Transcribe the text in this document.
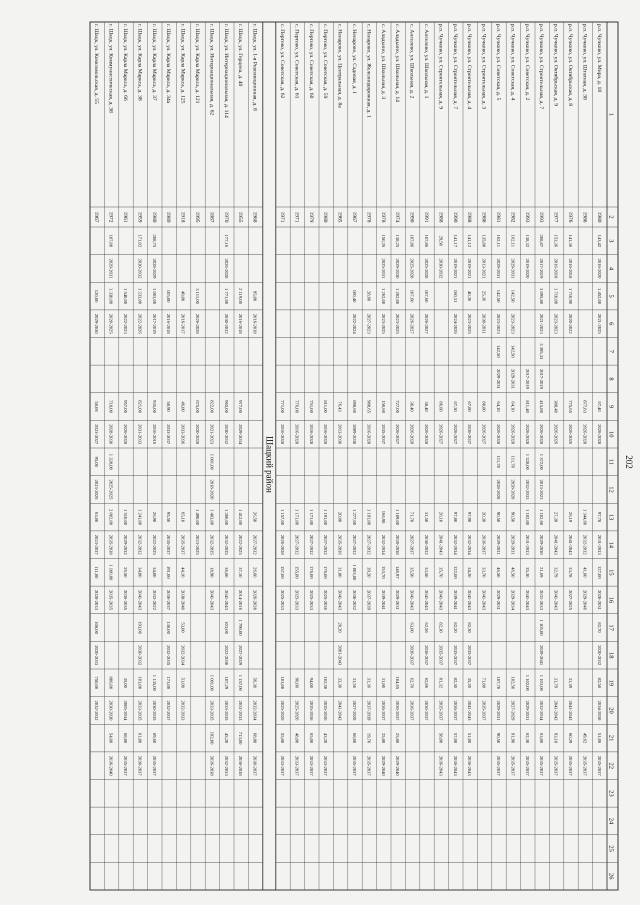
202
1
2
3
4
5
6
7
8
9
10
11
12
13
14
15
16
17
18
19
20
21
22
23
24
25
26
р.п. Чучково, ул. Мира, д. 18
1980
143,42
2016-2020
1 452,00
2021-2025
67,40
2026-2028
97,78
2031-2033
127,00
2020-2031
82,70
2020-2032
82,58
2034-2038
51,06
2035-2037
р.п. Чучково, ул. Штатная, д. 38
1986
877,83
2026-2028
1 344,60
2032-2032
41,60
2029-2046
49,62
2035-2037
р.п. Чучково, ул. Октябрьская, д. 8
1976
141,36
2016-2018
1 710,90
2020-2022
775,65
2026-2026
26,19
2041-2043
33,78
2027-2025
31,39
2041-2043
60,29
2035-2037
р.п. Чучково, ул. Октябрьская, д. 9
1977
153,36
2016-2018
1 710,00
2023-2023
388,40
2026-2026
27,38
2041-2043
32,79
2041-2043
31,79
2041-2043
93,18
2035-2037
р.п. Чучково, ул. Строительная, д. 7
1993
208,87
2017-2019
3 095,80
2021-2023
3 395,33
2017-2019
415,80
2026-2028
1 372,00
2013-2023
1 102,60
2029-2030
21,69
2031-2033
1 105,00
2039-2041
1 103,00
2032-2034
63,00
2035-2037
р.п. Чучково, ул. Советская, д. 2
1993
138,32
2019-2020
2017-2019
811,40
2026-2028
1 328,00
2032-2033
1 102,00
2031-2033
35,30
2041-2043
1 102,00
2029-2031
62,30
2035-2037
р.п. Чучково, ул. Советская, д. 4
1982
162,11
2029-2031
142,50
2023-2023
142,50
2029-2031
64,10
2026-2028
111,70
2028-2028
90,50
2029-2031
46,50
2029-2034
102,50
2027-2029
91,90
2035-2037
р.п. Чучково, ул. Советская, д. 5
1981
162,11
2029-2031
142,50
2023-2023
142,50
2029-2031
64,10
2026-2028
111,70
2028-2028
90,50
2029-2031
46,50
2029-2031
107,70
2029-2031
90,50
2035-2037
р.п. Чучково, ул. Строительная, д. 3
1986
135,00
2013-2021
25,36
2030-2031
88,80
2026-2027
20,30
2036-2037
33,70
2041-2043
71,88
2035-2037
р.п. Чучково, ул. Строительная, д. 4
1988
141,12
2019-2021
40,36
2023-2025
67,80
2036-2037
97,90
2032-2034
34,20
2041-2043
82,30
2035-2037
35,20
2041-2043
51,00
2036-2043
р.п. Чучково, ул. Строительная, д. 7
1990
141,17
2019-2021
160,31
2024-2026
67,30
2026-2027
97,80
2032-2034
122,00
2039-2041
82,20
2035-2037
82,30
2036-2037
57,00
2036-2043
р.п. Чучково, ул. Строительная, д. 9
1988
29,50
2030-2032
86,60
2026-2027
26,10
2041-2043
35,70
2041-2043
82,30
2035-2037
81,32
2035-2037
58,00
2036-2043
с. Ангелово, ул. Школьная, д. 1
1991
107,86
2025-2028
107,60
2026-2027
38,40
2026-2028
31,50
2030-2032
33,50
2041-2043
62,56
2036-2037
62,86
2036-2037
с. Ангелово, ул. Школьная, д. 2
1990
107,86
2025-2028
107,60
2026-2027
30,40
2026-2028
71,70
2027-2037
35,50
2041-2043
63,00
2036-2037
62,70
2036-2037
с. Аладьино, ул. Школьная, д. 14
1974
138,25
2029-2030
1 282,00
2023-2025
727,00
2026-2027
1 189,00
2028-2038
146,97
2029-2031
104,65
2036-2037
25,80
2029-2040
с. Аладьино, ул. Школьная, д. 3
1978
150,26
2025-2031
1 262,00
2023-2025
150,60
2035-2037
166,98
2032-2034
153,70
2039-2041
31,80
2036-2037
25,80
2029-2040
с. Ненарово, ул. Железнодорожная, д. 1
1978
28,60
2027-2023
988,65
2016-2028
1 191,00
2027-2032
39,20
2037-2039
31,36
2037-2039
19,70
2035-2037
с. Ненарово, ул. Садовая, д. 1
1967
100,40
2022-2024
698,60
2009-2030
1 277,00
2027-2032
1 003,00
2030-2032
31,56
2027-2028
68,00
2035-2037
с. Ненарово, ул. Центральная, д. 8а
1965
76,43
2013-2030
20,00
2035-2036
31,80
2041-2043
20,20
2001-2043
33,30
2041-2043
с. Пертово, ул. Советская, д. 59
1980
811,00
2016-2028
1 191,00
2027-2032
176,00
2025-2036
102,50
2035-2036
43,20
2033-2037
с. Пертово, ул. Советская, д. 60
1979
751,00
2016-2028
1 171,00
2027-2032
176,00
2025-2033
94,00
2035-2036
65,00
2033-2037
с. Пертово, ул. Советская, д. 61
1971
776,00
2016-2028
1 171,00
2027-2032
155,00
2025-2033
96,00
2025-2026
48,00
2033-2037
с. Пертово, ул. Советская, д. 62
1971
771,00
2016-2028
1 157,00
2026-2028
157,00
2025-2033
103,00
2025-2026
55,00
2033-2037
г. Шацк, ул. 1-я Революционная, д. 8
1968
95,00
2016-2018
26,50
2027-2032
26,60
2026-2028
56,30
2032-2034
68,80
2030-2037
г. Шацк, ул. Герцена, д. 40
1955
2 119,00
2016-2018
977,00
2029-2034
1 412,00
2022-2025
37,10
2014-2016
1 790,00
2027-2029
1 157,00
2031-2033
713,00
2036-2038
г. Шацк, ул. Интернациональная, д. 114
1970
177,16
2026-2028
1 771,00
2030-2032
965,00
2030-2032
1 200,00
2032-2035
36,60
2041-2043
103,00
2022-2030
107,29
2033-2035
45,20
2032-2033
г. Шацк, ул. Интернациональная, д. 62
1887
822,00
2021-2023
1 001,00
2018-2020
1 483,00
2032-2035
18,90
2041-2043
1 001,00
2033-2035
192,00
2036-2038
г. Шацк, ул. Карла Маркса, д. 121
1995
3 111,00
2026-2028
675,00
2020-2028
1 490,00
2023-2025
г. Шацк, ул. Карла Маркса, д. 125
1918
49,00
2016-2017
46,00
2033-2036
65,10
2035-2037
44,10
2038-2040
53,00
2032-2034
51,00
2032-2033
г. Шацк, ул. Карла Маркса, д. 34а
1989
105,00
2016-2018
50,90
2033-2037
95,50
2035-2037
191,00
2036-2037
130,00
2032-2035
173,00
2032-2037
г. Шацк, ул. Карла Маркса, д. 37
1980
208,75
2028-2029
1 003,00
2017-2019
935,00
2016-2016
26,90
2022-2025
34,00
2032-2022
1 135,00
2030-2035
69,60
2035-2037
г. Шацк, ул. Карла Маркса, д. 38
1959
171,02
2030-2032
1 233,00
2022-2026
821,00
2031-2033
1 241,00
2032-2032
34,00
2041-2043
193,00
2030-2032
103,00
2033-2035
61,00
2030-2037
г. Шацк, ул. Карла Маркса, д. 66
1961
1 540,00
2022-2023
957,00
2026-2028
1 510,00
2029-2032
26,50
2036-2035
35,00
2005-2034
68,80
2035-2037
г. Шацк, ул. Коммунистическая, д. 38
1972
107,00
2029-2031
1 330,00
2020-2025
718,00
2028-2030
1 328,00
2025-2025
2 002,00
2035-2038
1 100,00
2035-2035
806,00
2030-2030
54,00
2036-2040
г. Шацк, ул. Комсомольская, д. 55
1967
120,00
2029-2030
58,06
2023-2027
95,00
2023-2026
63,00
2023-2037
111,00
2028-2033
108,00
2020-2033
750,00
2032-2032
Шацкий район
